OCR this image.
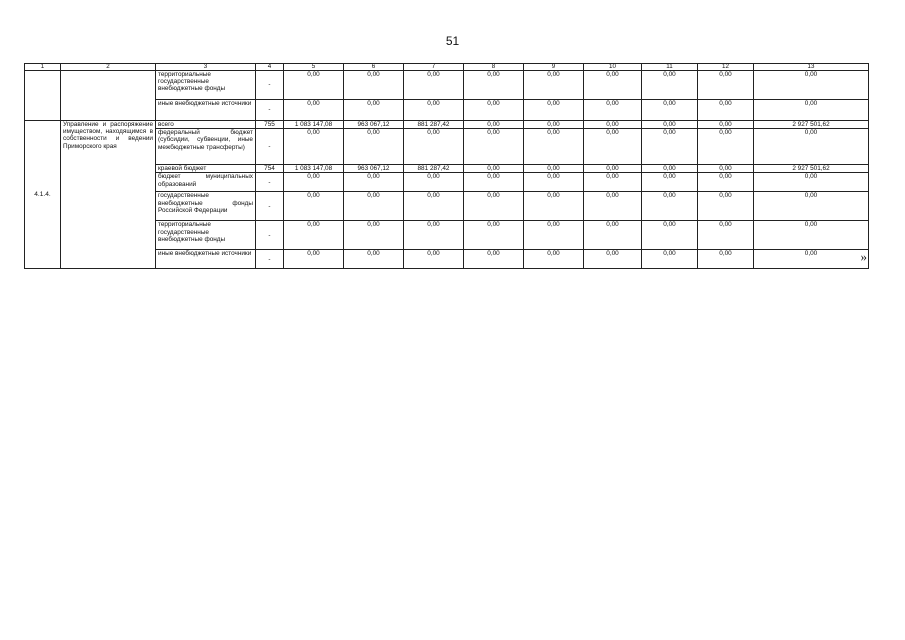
51
1	2	3	4	5	6	7	8	9	10	11	12	13
		территориальные государственные внебюджетные фонды	-	0,00	0,00	0,00	0,00	0,00	0,00	0,00	0,00	0,00
		иные внебюджетные источники	-	0,00	0,00	0,00	0,00	0,00	0,00	0,00	0,00	0,00
4.1.4.	Управление и распоряжение имуществом, находящимся в собственности и ведении Приморского края	всего	755	1 083 147,08	963 067,12	881 287,42	0,00	0,00	0,00	0,00	0,00	2 927 501,62
		федеральный бюджет (субсидии, субвенции, иные межбюджетные трансферты)	-	0,00	0,00	0,00	0,00	0,00	0,00	0,00	0,00	0,00
		краевой бюджет	754	1 083 147,08	963 067,12	881 287,42	0,00	0,00	0,00	0,00	0,00	2 927 501,62
		бюджет муниципальных образований	-	0,00	0,00	0,00	0,00	0,00	0,00	0,00	0,00	0,00
		государственные внебюджетные фонды Российской Федерации	-	0,00	0,00	0,00	0,00	0,00	0,00	0,00	0,00	0,00
		территориальные государственные внебюджетные фонды	-	0,00	0,00	0,00	0,00	0,00	0,00	0,00	0,00	0,00
		иные внебюджетные источники	-	0,00	0,00	0,00	0,00	0,00	0,00	0,00	0,00	0,00	»
